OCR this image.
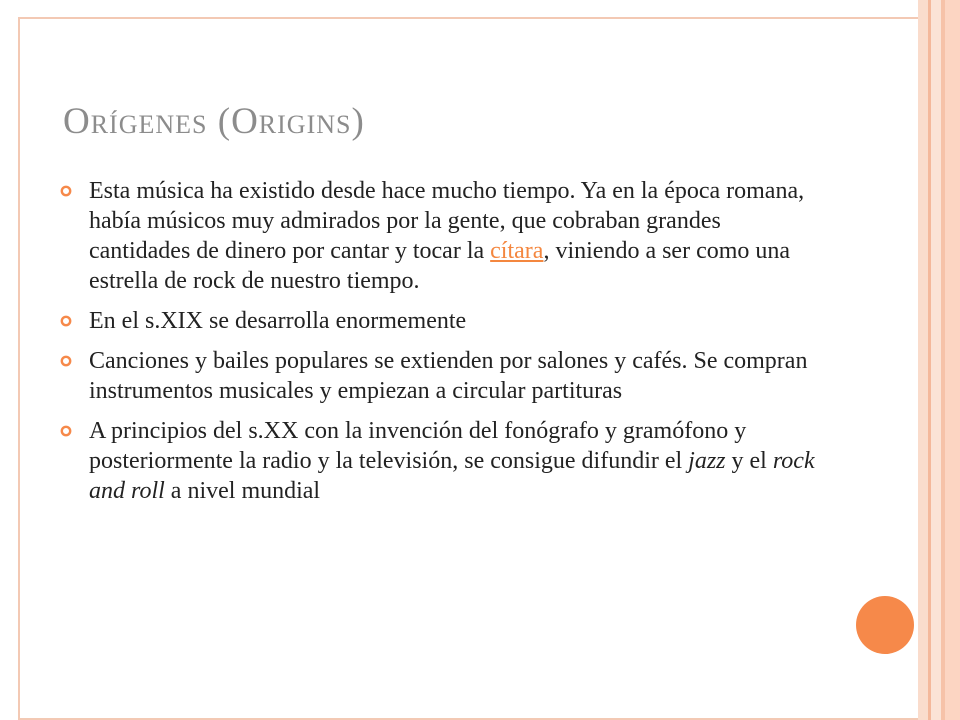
Orígenes (Origins)
Esta música ha existido desde hace mucho tiempo. Ya en la época romana, había músicos muy admirados por la gente, que cobraban grandes cantidades de dinero por cantar y tocar la cítara, viniendo a ser como una estrella de rock de nuestro tiempo.
En el s.XIX se desarrolla enormemente
Canciones y bailes populares se extienden por salones y cafés. Se compran instrumentos musicales y empiezan a circular partituras
A principios del s.XX con la invención del fonógrafo y gramófono y posteriormente la radio y la televisión, se consigue difundir el jazz y el rock and roll a nivel mundial
